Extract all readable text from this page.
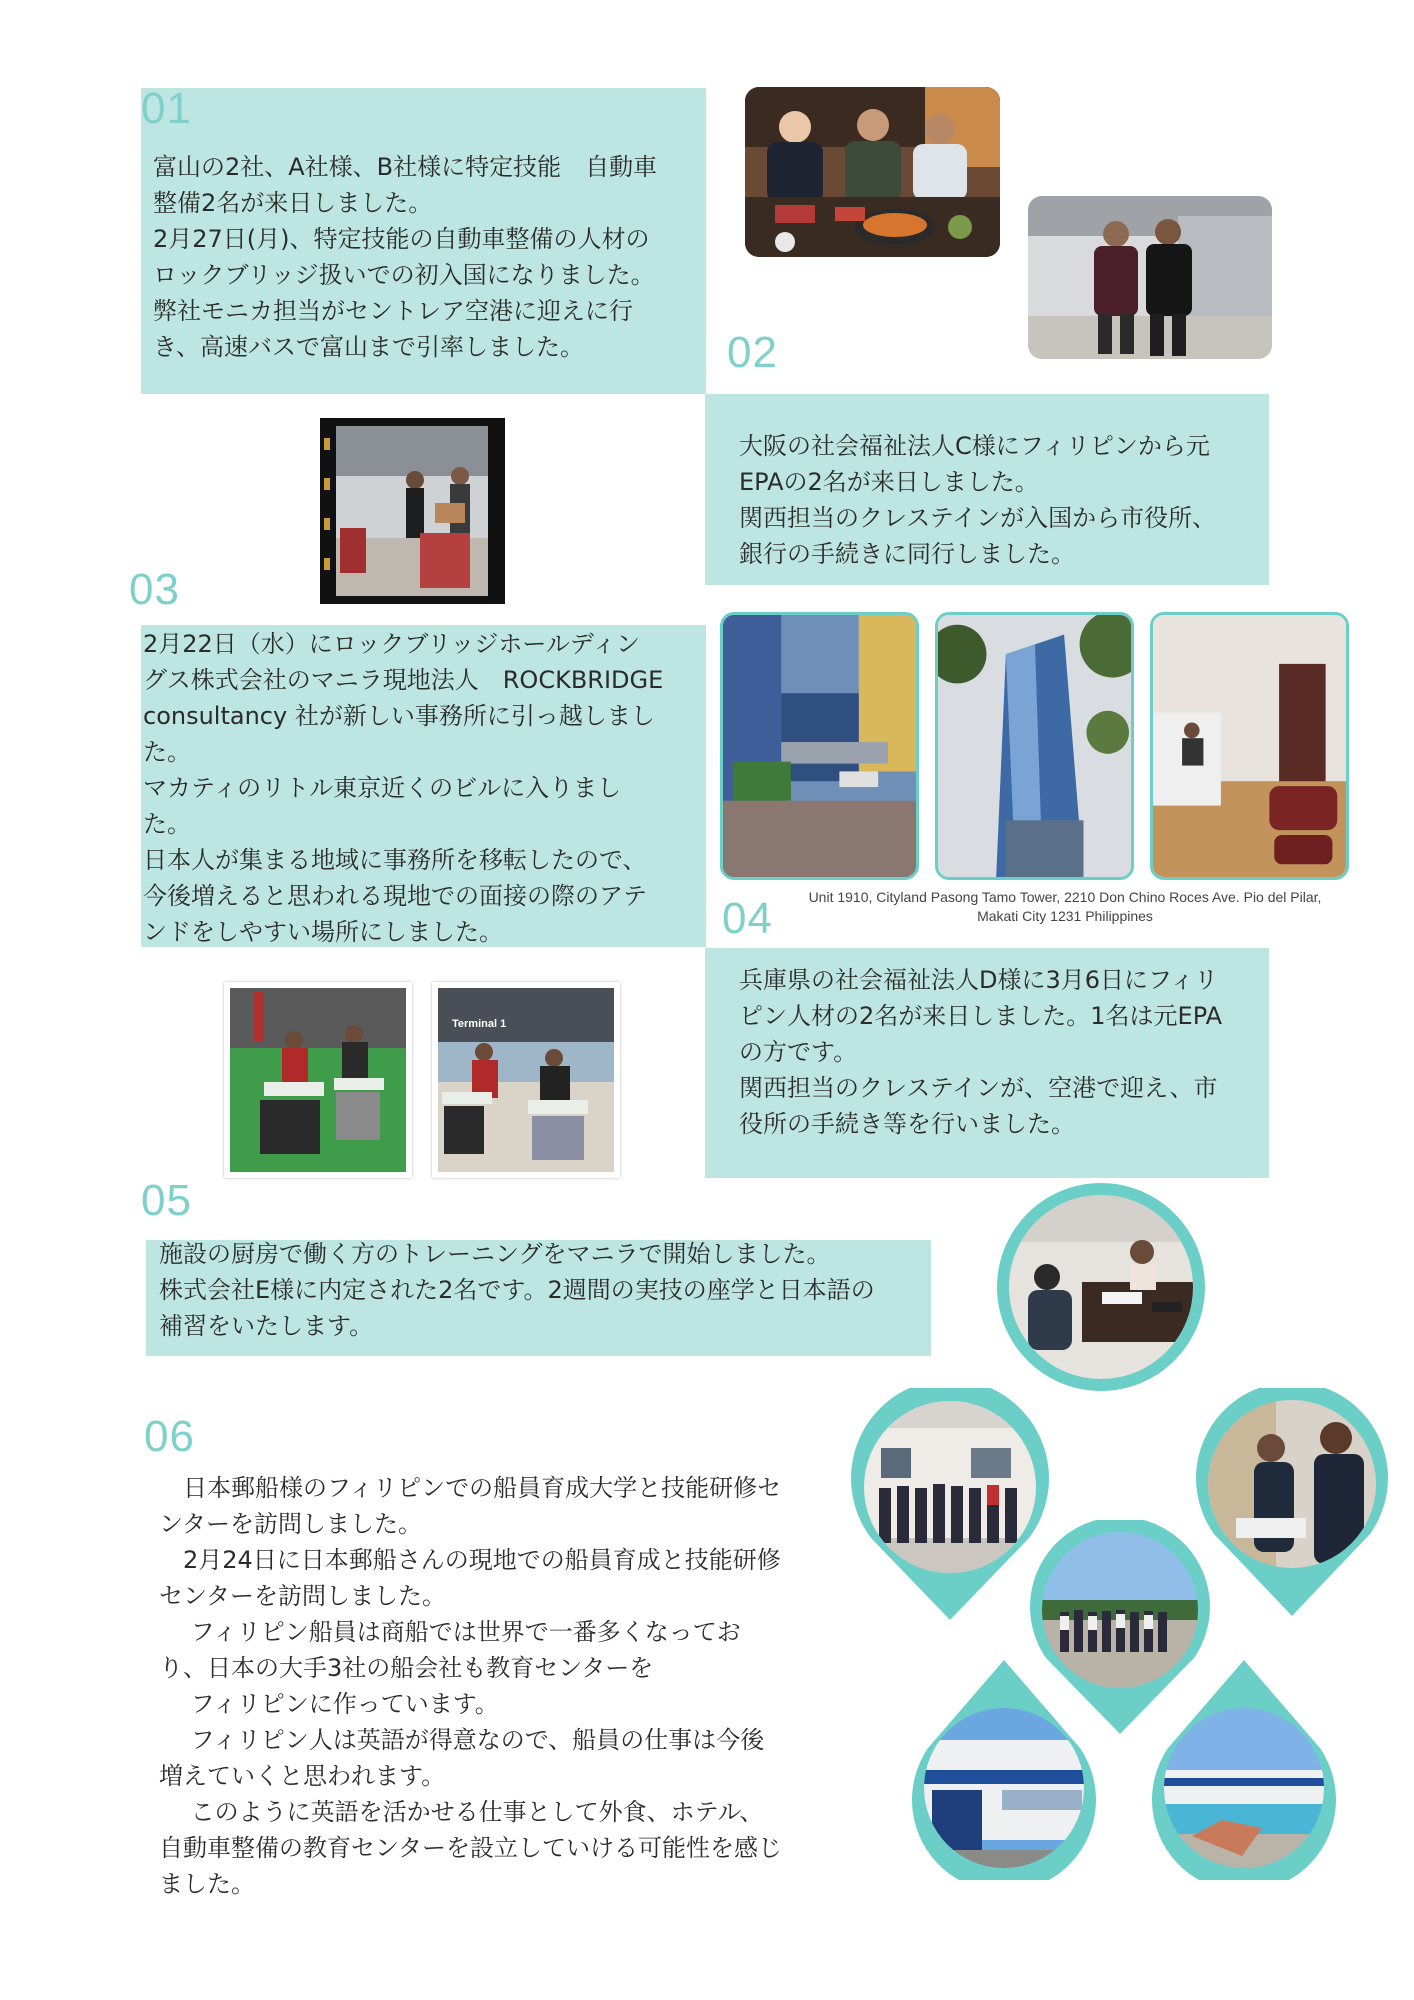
01
富山の2社、A社様、B社様に特定技能　自動車
整備2名が来日しました。
2月27日(月)、特定技能の自動車整備の人材の
ロックブリッジ扱いでの初入国になりました。
弊社モニカ担当がセントレア空港に迎えに行
き、高速バスで富山まで引率しました。	02
大阪の社会福祉法人C様にフィリピンから元
EPAの2名が来日しました。
関西担当のクレステインが入国から市役所、
銀行の手続きに同行しました。
03
2月22日（水）にロックブリッジホールディン
グス株式会社のマニラ現地法人　ROCKBRIDGE
consultancy 社が新しい事務所に引っ越しまし
た。
マカティのリトル東京近くのビルに入りまし
た。
日本人が集まる地域に事務所を移転したので、
今後増えると思われる現地での面接の際のアテ
ンドをしやすい場所にしました。
Unit 1910, Cityland Pasong Tamo Tower, 2210 Don Chino Roces Ave. Pio del Pilar, Makati City 1231 Philippines
04
兵庫県の社会福祉法人D様に3月6日にフィリ
ピン人材の2名が来日しました。1名は元EPA
の方です。
関西担当のクレステインが、空港で迎え、市
役所の手続き等を行いました。
Terminal 1
05
施設の厨房で働く方のトレーニングをマニラで開始しました。
株式会社E様に内定された2名です。2週間の実技の座学と日本語の
補習をいたします。
06
　日本郵船様のフィリピンでの船員育成大学と技能研修セ
ンターを訪問しました。
　2月24日に日本郵船さんの現地での船員育成と技能研修
センターを訪問しました。
　 フィリピン船員は商船では世界で一番多くなってお
り、日本の大手3社の船会社も教育センターを
　 フィリピンに作っています。
　 フィリピン人は英語が得意なので、船員の仕事は今後
増えていくと思われます。
　 このように英語を活かせる仕事として外食、ホテル、
自動車整備の教育センターを設立していける可能性を感じ
ました。
